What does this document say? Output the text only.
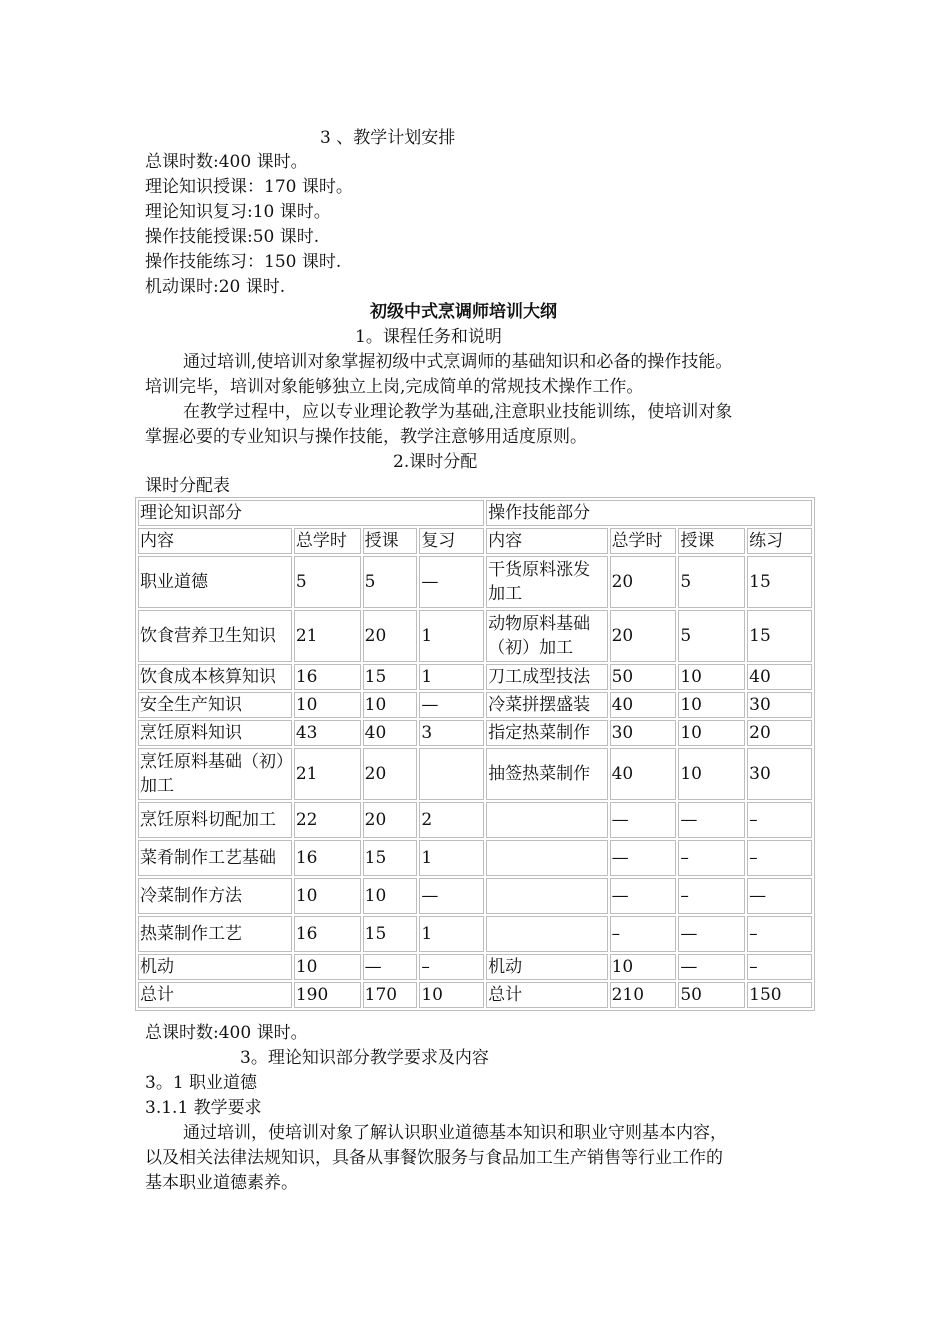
3 、教学计划安排
总课时数:400 课时。
理论知识授课：170 课时。
理论知识复习:10 课时。
操作技能授课:50 课时.
操作技能练习：150 课时.
机动课时:20 课时.
初级中式烹调师培训大纲
1。课程任务和说明
通过培训,使培训对象掌握初级中式烹调师的基础知识和必备的操作技能。
培训完毕，培训对象能够独立上岗,完成简单的常规技术操作工作。
在教学过程中，应以专业理论教学为基础,注意职业技能训练，使培训对象
掌握必要的专业知识与操作技能，教学注意够用适度原则。
2.课时分配
课时分配表
理论知识部分				操作技能部分			
内容	总学时	授课	复习	内容	总学时	授课	练习
职业道德	5	5	—	干货原料涨发加工	20	5	15
饮食营养卫生知识	21	20	1	动物原料基础（初）加工	20	5	15
饮食成本核算知识	16	15	1	刀工成型技法	50	10	40
安全生产知识	10	10	—	冷菜拼摆盛装	40	10	30
烹饪原料知识	43	40	3	指定热菜制作	30	10	20
烹饪原料基础（初）加工	21	20		抽签热菜制作	40	10	30
烹饪原料切配加工	22	20	2		—	—	–
菜肴制作工艺基础	16	15	1		—	–	–
冷菜制作方法	10	10	—		—	–	—
热菜制作工艺	16	15	1		–	—	–
机动	10	—	–	机动	10	—	–
总计	190	170	10	总计	210	50	150
总课时数:400 课时。
3。理论知识部分教学要求及内容
3。1 职业道德
3.1.1 教学要求
通过培训，使培训对象了解认识职业道德基本知识和职业守则基本内容，
以及相关法律法规知识，具备从事餐饮服务与食品加工生产销售等行业工作的
基本职业道德素养。
